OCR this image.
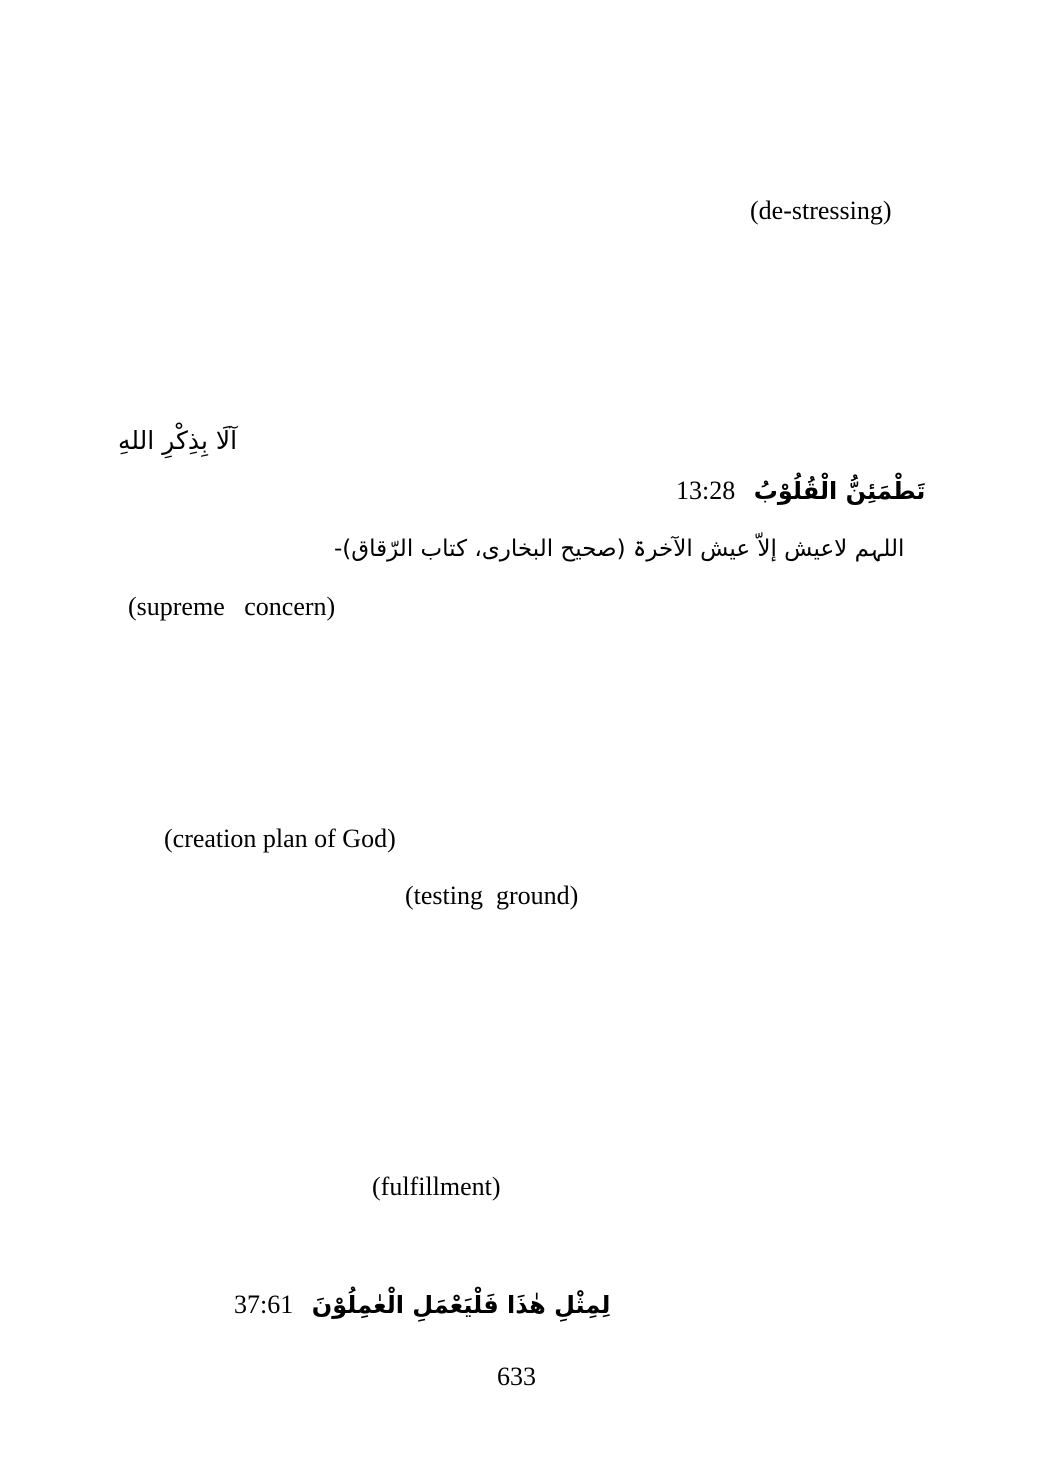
(de-stressing)
آلَا بِذِكْرِ اللهِ
13:28 تَطْمَئِنُّ الْقُلُوْبُ
اللہم لاعیش إلاّ عیش الآخرۃ (صحیح البخاری، کتاب الرّقاق)-
(supreme   concern)
(creation plan of God)
(testing  ground)
(fulfillment)
37:61 لِمِثْلِ هٰذَا فَلْيَعْمَلِ الْعٰمِلُوْنَ
633
